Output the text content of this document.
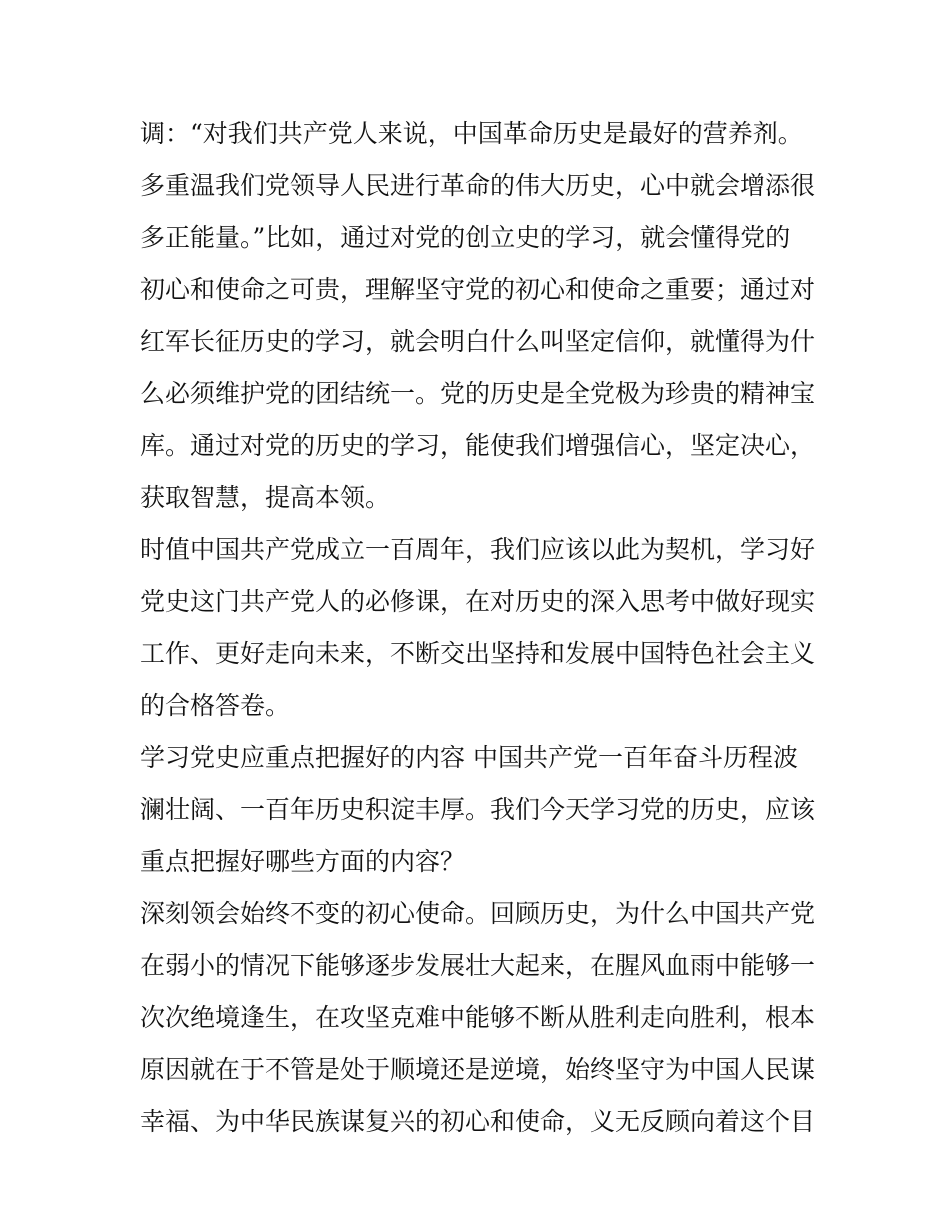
调：“对我们共产党人来说，中国革命历史是最好的营养剂。
多重温我们党领导人民进行革命的伟大历史，心中就会增添很
多正能量。”比如，通过对党的创立史的学习，就会懂得党的
初心和使命之可贵，理解坚守党的初心和使命之重要；通过对
红军长征历史的学习，就会明白什么叫坚定信仰，就懂得为什
么必须维护党的团结统一。党的历史是全党极为珍贵的精神宝
库。通过对党的历史的学习，能使我们增强信心，坚定决心，
获取智慧，提高本领。
时值中国共产党成立一百周年，我们应该以此为契机，学习好
党史这门共产党人的必修课，在对历史的深入思考中做好现实
工作、更好走向未来，不断交出坚持和发展中国特色社会主义
的合格答卷。
学习党史应重点把握好的内容 中国共产党一百年奋斗历程波
澜壮阔、一百年历史积淀丰厚。我们今天学习党的历史，应该
重点把握好哪些方面的内容？
深刻领会始终不变的初心使命。回顾历史，为什么中国共产党
在弱小的情况下能够逐步发展壮大起来，在腥风血雨中能够一
次次绝境逢生，在攻坚克难中能够不断从胜利走向胜利，根本
原因就在于不管是处于顺境还是逆境，始终坚守为中国人民谋
幸福、为中华民族谋复兴的初心和使命，义无反顾向着这个目
